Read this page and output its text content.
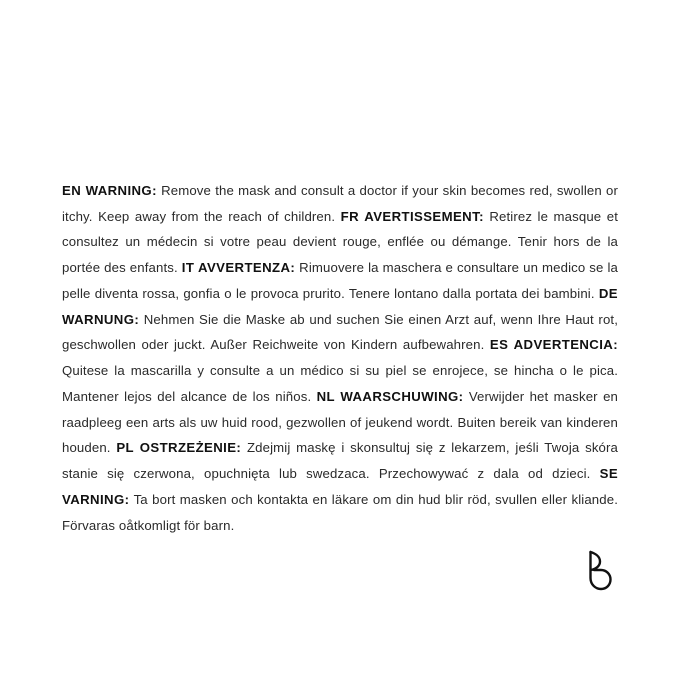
EN WARNING: Remove the mask and consult a doctor if your skin becomes red, swollen or itchy. Keep away from the reach of children. FR AVERTISSEMENT: Retirez le masque et consultez un médecin si votre peau devient rouge, enflée ou démange. Tenir hors de la portée des enfants. IT AVVERTENZA: Rimuovere la maschera e consultare un medico se la pelle diventa rossa, gonfia o le provoca prurito. Tenere lontano dalla portata dei bambini. DE WARNUNG: Nehmen Sie die Maske ab und suchen Sie einen Arzt auf, wenn Ihre Haut rot, geschwollen oder juckt. Außer Reichweite von Kindern aufbewahren. ES ADVERTENCIA: Quitese la mascarilla y consulte a un médico si su piel se enrojece, se hincha o le pica. Mantener lejos del alcance de los niños. NL WAARSCHUWING: Verwijder het masker en raadpleeg een arts als uw huid rood, gezwollen of jeukend wordt. Buiten bereik van kinderen houden. PL OSTRZEŻENIE: Zdejmij maskę i skonsultuj się z lekarzem, jeśli Twoja skóra stanie się czerwona, opuchnięta lub swedzaca. Przechowywać z dala od dzieci. SE VARNING: Ta bort masken och kontakta en läkare om din hud blir röd, svullen eller kliande. Förvaras oåtkomligt för barn.
